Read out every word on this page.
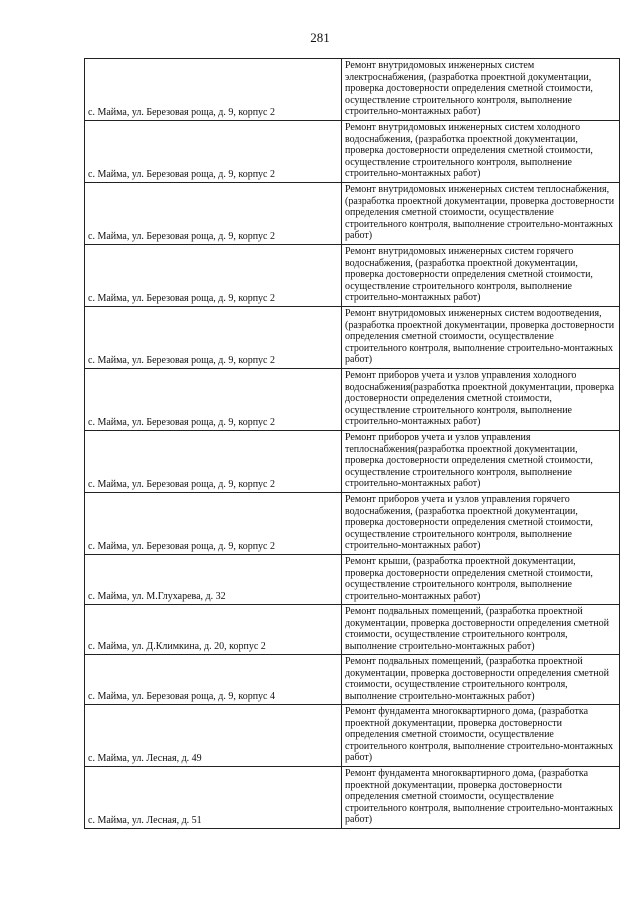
281
с. Майма, ул. Березовая роща, д. 9, корпус 2	Ремонт внутридомовых инженерных систем электроснабжения, (разработка проектной документации, проверка достоверности определения сметной стоимости, осуществление строительного контроля, выполнение строительно-монтажных работ)
с. Майма, ул. Березовая роща, д. 9, корпус 2	Ремонт внутридомовых инженерных систем холодного водоснабжения, (разработка проектной документации, проверка достоверности определения сметной стоимости, осуществление строительного контроля, выполнение строительно-монтажных работ)
с. Майма, ул. Березовая роща, д. 9, корпус 2	Ремонт внутридомовых инженерных систем теплоснабжения, (разработка проектной документации, проверка достоверности определения сметной стоимости, осуществление строительного контроля, выполнение строительно-монтажных работ)
с. Майма, ул. Березовая роща, д. 9, корпус 2	Ремонт внутридомовых инженерных систем горячего водоснабжения, (разработка проектной документации, проверка достоверности определения сметной стоимости, осуществление строительного контроля, выполнение строительно-монтажных работ)
с. Майма, ул. Березовая роща, д. 9, корпус 2	Ремонт внутридомовых инженерных систем водоотведения, (разработка проектной документации, проверка достоверности определения сметной стоимости, осуществление строительного контроля, выполнение строительно-монтажных работ)
с. Майма, ул. Березовая роща, д. 9, корпус 2	Ремонт приборов учета и узлов управления холодного водоснабжения(разработка проектной документации, проверка достоверности определения сметной стоимости, осуществление строительного контроля, выполнение строительно-монтажных работ)
с. Майма, ул. Березовая роща, д. 9, корпус 2	Ремонт приборов учета и узлов управления теплоснабжения(разработка проектной документации, проверка достоверности определения сметной стоимости, осуществление строительного контроля, выполнение строительно-монтажных работ)
с. Майма, ул. Березовая роща, д. 9, корпус 2	Ремонт приборов учета и узлов управления горячего водоснабжения, (разработка проектной документации, проверка достоверности определения сметной стоимости, осуществление строительного контроля, выполнение строительно-монтажных работ)
с. Майма, ул. М.Глухарева, д. 32	Ремонт крыши, (разработка проектной документации, проверка достоверности определения сметной стоимости, осуществление строительного контроля, выполнение строительно-монтажных работ)
с. Майма, ул. Д.Климкина, д. 20, корпус 2	Ремонт подвальных помещений, (разработка проектной документации, проверка достоверности определения сметной стоимости, осуществление строительного контроля, выполнение строительно-монтажных работ)
с. Майма, ул. Березовая роща, д. 9, корпус 4	Ремонт подвальных помещений, (разработка проектной документации, проверка достоверности определения сметной стоимости, осуществление строительного контроля, выполнение строительно-монтажных работ)
с. Майма, ул. Лесная, д. 49	Ремонт фундамента многоквартирного дома, (разработка проектной документации, проверка достоверности определения сметной стоимости, осуществление строительного контроля, выполнение строительно-монтажных работ)
с. Майма, ул. Лесная, д. 51	Ремонт фундамента многоквартирного дома, (разработка проектной документации, проверка достоверности определения сметной стоимости, осуществление строительного контроля, выполнение строительно-монтажных работ)
